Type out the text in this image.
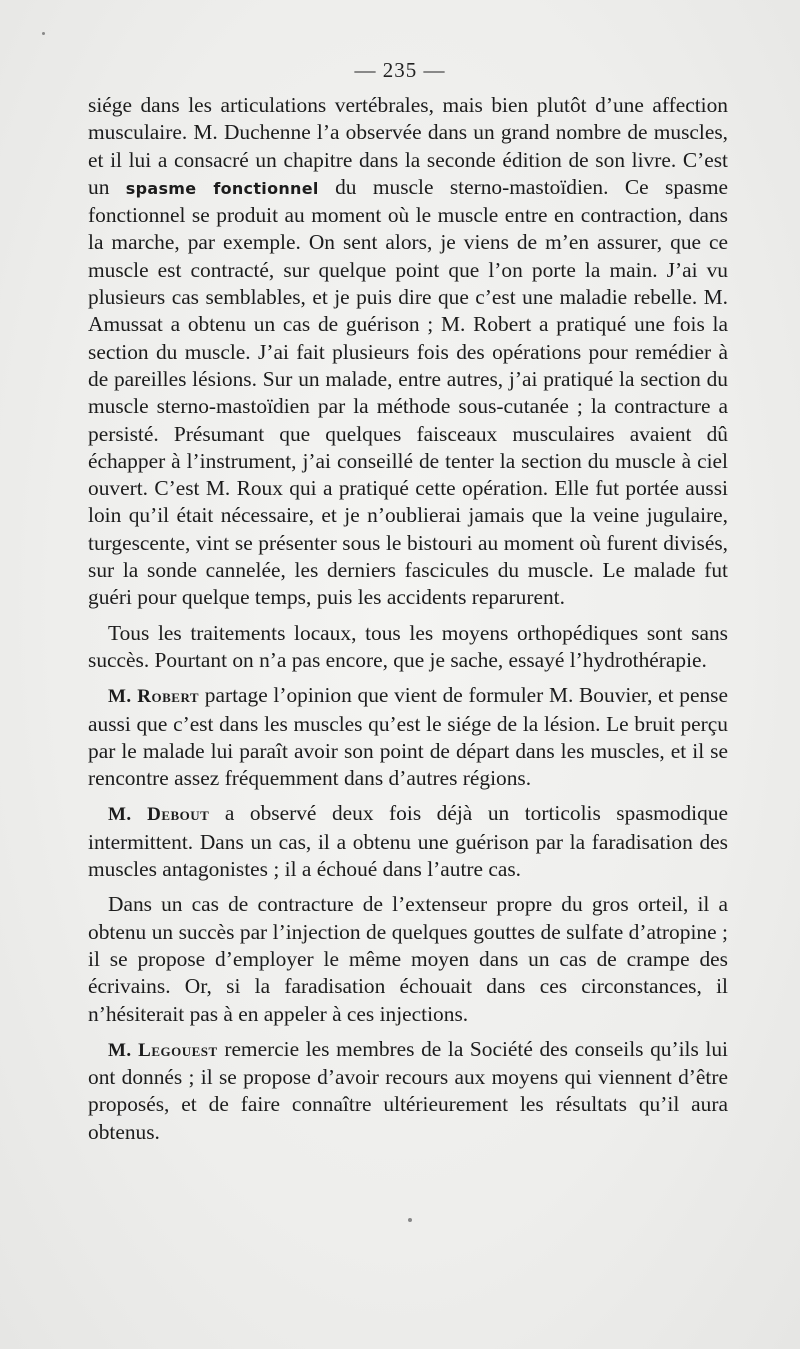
— 235 —

siége dans les articulations vertébrales, mais bien plutôt d’une affection musculaire. M. Duchenne l’a observée dans un grand nombre de muscles, et il lui a consacré un chapitre dans la seconde édition de son livre. C’est un spasme fonctionnel du muscle sterno-mastoïdien. Ce spasme fonctionnel se produit au moment où le muscle entre en contraction, dans la marche, par exemple. On sent alors, je viens de m’en assurer, que ce muscle est contracté, sur quelque point que l’on porte la main. J’ai vu plusieurs cas semblables, et je puis dire que c’est une maladie rebelle. M. Amussat a obtenu un cas de guérison ; M. Robert a pratiqué une fois la section du muscle. J’ai fait plusieurs fois des opérations pour remédier à de pareilles lésions. Sur un malade, entre autres, j’ai pratiqué la section du muscle sterno-mastoïdien par la méthode sous-cutanée ; la contracture a persisté. Présumant que quelques faisceaux musculaires avaient dû échapper à l’instrument, j’ai conseillé de tenter la section du muscle à ciel ouvert. C’est M. Roux qui a pratiqué cette opération. Elle fut portée aussi loin qu’il était nécessaire, et je n’oublierai jamais que la veine jugulaire, turgescente, vint se présenter sous le bistouri au moment où furent divisés, sur la sonde cannelée, les derniers fascicules du muscle. Le malade fut guéri pour quelque temps, puis les accidents reparurent.

Tous les traitements locaux, tous les moyens orthopédiques sont sans succès. Pourtant on n’a pas encore, que je sache, essayé l’hydrothérapie.

M. Robert partage l’opinion que vient de formuler M. Bouvier, et pense aussi que c’est dans les muscles qu’est le siége de la lésion. Le bruit perçu par le malade lui paraît avoir son point de départ dans les muscles, et il se rencontre assez fréquemment dans d’autres régions.

M. Debout a observé deux fois déjà un torticolis spasmodique intermittent. Dans un cas, il a obtenu une guérison par la faradisation des muscles antagonistes ; il a échoué dans l’autre cas.

Dans un cas de contracture de l’extenseur propre du gros orteil, il a obtenu un succès par l’injection de quelques gouttes de sulfate d’atropine ; il se propose d’employer le même moyen dans un cas de crampe des écrivains. Or, si la faradisation échouait dans ces circonstances, il n’hésiterait pas à en appeler à ces injections.

M. Legouest remercie les membres de la Société des conseils qu’ils lui ont donnés ; il se propose d’avoir recours aux moyens qui viennent d’être proposés, et de faire connaître ultérieurement les résultats qu’il aura obtenus.
